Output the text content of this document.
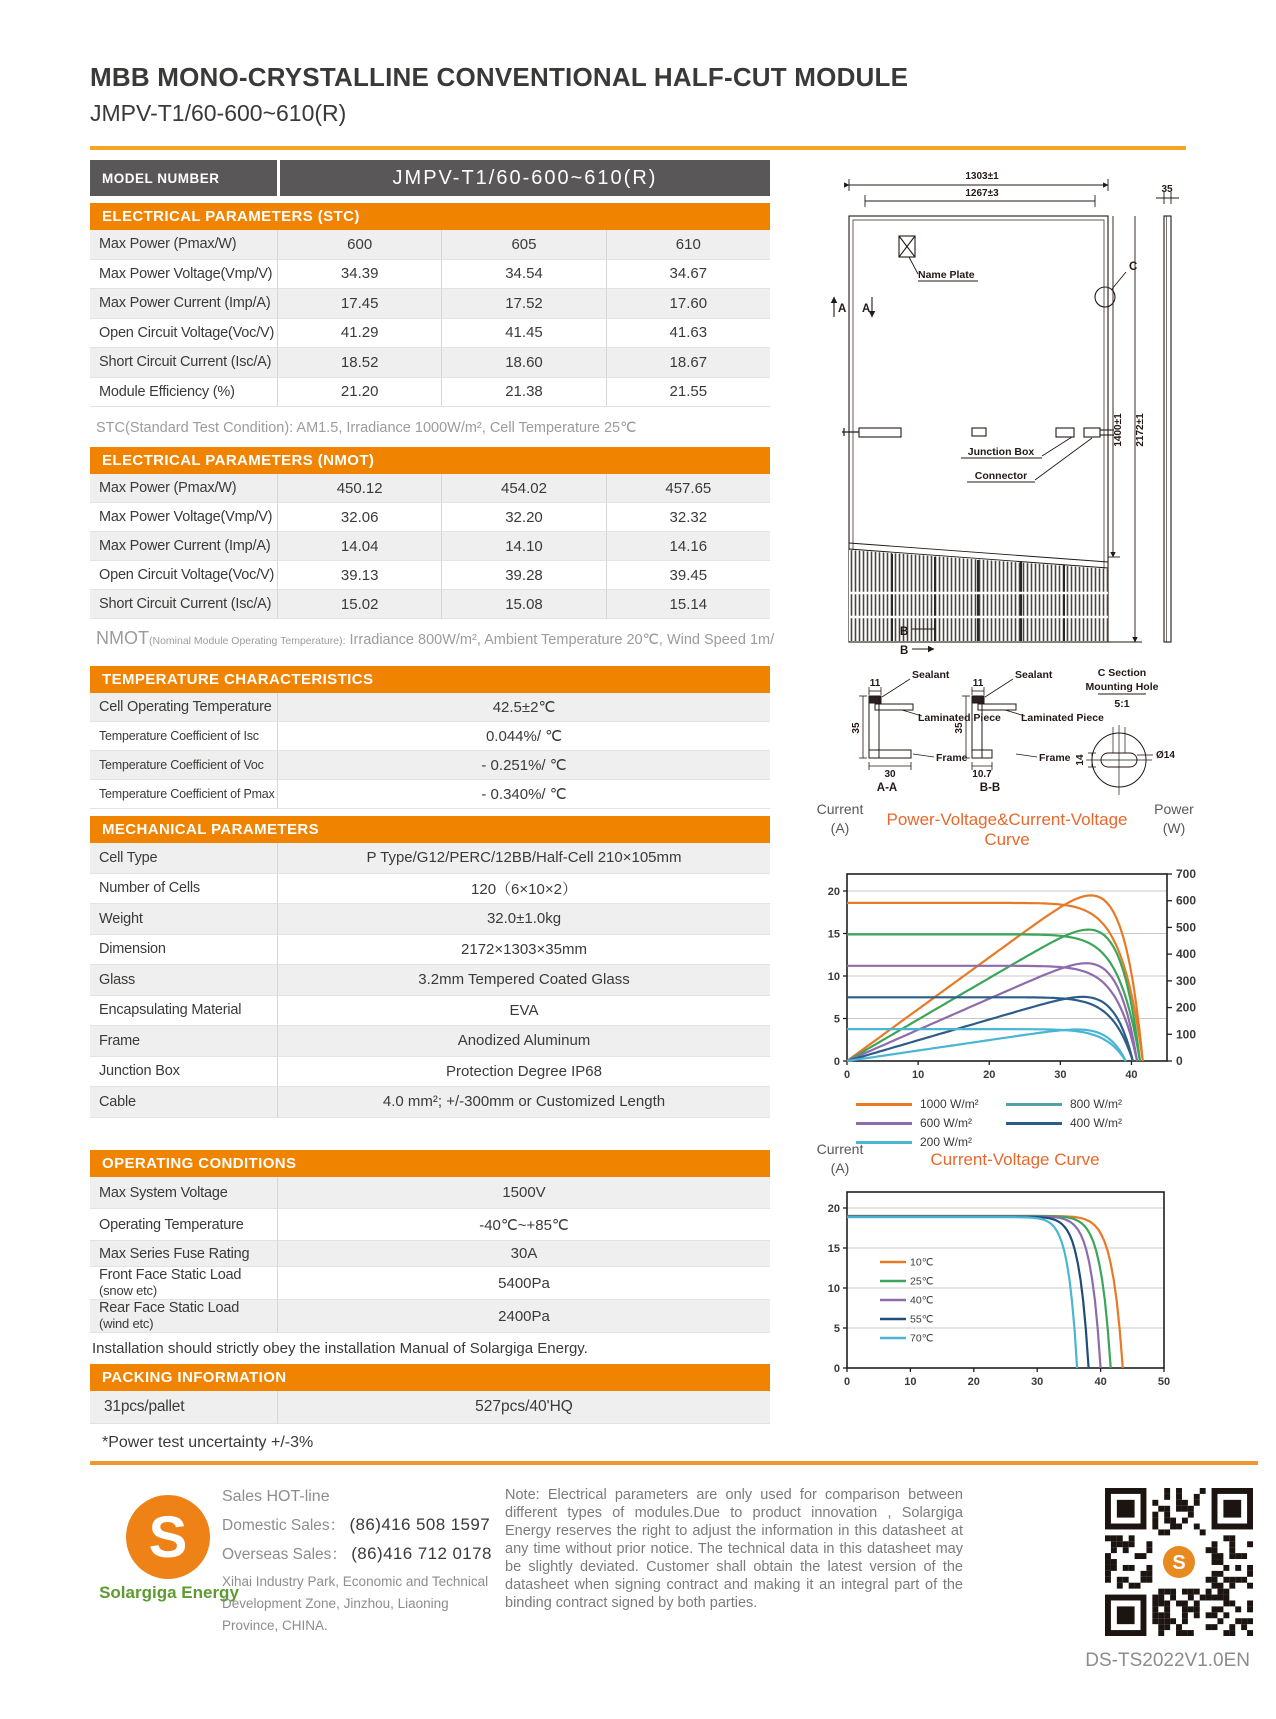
MBB MONO-CRYSTALLINE CONVENTIONAL HALF-CUT MODULE
JMPV-T1/60-600~610(R)
MODEL NUMBER	JMPV-T1/60-600~610(R)
ELECTRICAL PARAMETERS (STC)
Max Power (Pmax/W)	600	605	610
Max Power Voltage(Vmp/V)	34.39	34.54	34.67
Max Power Current (Imp/A)	17.45	17.52	17.60
Open Circuit Voltage(Voc/V)	41.29	41.45	41.63
Short Circuit Current (Isc/A)	18.52	18.60	18.67
Module Efficiency (%)	21.20	21.38	21.55
STC(Standard Test Condition): AM1.5, Irradiance 1000W/m², Cell Temperature 25℃
ELECTRICAL PARAMETERS (NMOT)
Max Power (Pmax/W)	450.12	454.02	457.65
Max Power Voltage(Vmp/V)	32.06	32.20	32.32
Max Power Current (Imp/A)	14.04	14.10	14.16
Open Circuit Voltage(Voc/V)	39.13	39.28	39.45
Short Circuit Current (Isc/A)	15.02	15.08	15.14
NMOT(Nominal Module Operating Temperature): Irradiance 800W/m², Ambient Temperature 20℃, Wind Speed 1m/
TEMPERATURE CHARACTERISTICS
Cell Operating Temperature	42.5±2℃
Temperature Coefficient of Isc	0.044%/ ℃
Temperature Coefficient of Voc	- 0.251%/ ℃
Temperature Coefficient of Pmax	- 0.340%/ ℃
MECHANICAL PARAMETERS
Cell Type	P Type/G12/PERC/12BB/Half-Cell 210×105mm
Number of Cells	120（6×10×2）
Weight	32.0±1.0kg
Dimension	2172×1303×35mm
Glass	3.2mm Tempered Coated Glass
Encapsulating Material	EVA
Frame	Anodized Aluminum
Junction Box	Protection Degree IP68
Cable	4.0 mm²; +/-300mm or Customized Length
OPERATING CONDITIONS
Max System Voltage	1500V
Operating Temperature	-40℃~+85℃
Max Series Fuse Rating	30A
Front Face Static Load
(snow etc)	5400Pa
Rear Face Static Load
(wind etc)	2400Pa
Installation should strictly obey the installation Manual of Solargiga Energy.
PACKING INFORMATION
31pcs/pallet	527pcs/40'HQ
*Power test uncertainty +/-3%
1303±1
1267±3	35
1400±1 2172±1
Name Plate
C
A A
Junction Box
Connector
B
B
11	11
35	35
30	10.7
Sealant	Sealant
Laminated Piece Laminated Piece
Frame	Frame
A-A	B-B
C Section
Mounting Hole
5:1
Ø14
14
Current
(A)	Power-Voltage&Current-Voltage Curve
Power
(W)
0
5
10
15
20
0	10	20	30	40
0
100
200
300
400
500
600
700
1000 W/m²	800 W/m²
600 W/m²	400 W/m²
200 W/m²
Current
(A)	Current-Voltage Curve
0
5
10
15
20
0	10	20	30	40	50
10℃
25℃
40℃
55℃
70℃
S
Solargiga Energy
Sales HOT-line
Domestic Sales： (86)416 508 1597
Overseas Sales： (86)416 712 0178
Xihai Industry Park, Economic and Technical
Development Zone, Jinzhou, Liaoning
Province, CHINA.
Note: Electrical parameters are only used for comparison between different types of modules.Due to product innovation , Solargiga Energy reserves the right to adjust the information in this datasheet at any time without prior notice. The technical data in this datasheet may be slightly deviated. Customer shall obtain the latest version of the datasheet when signing contract and making it an integral part of the binding contract signed by both parties.
S
DS-TS2022V1.0EN
